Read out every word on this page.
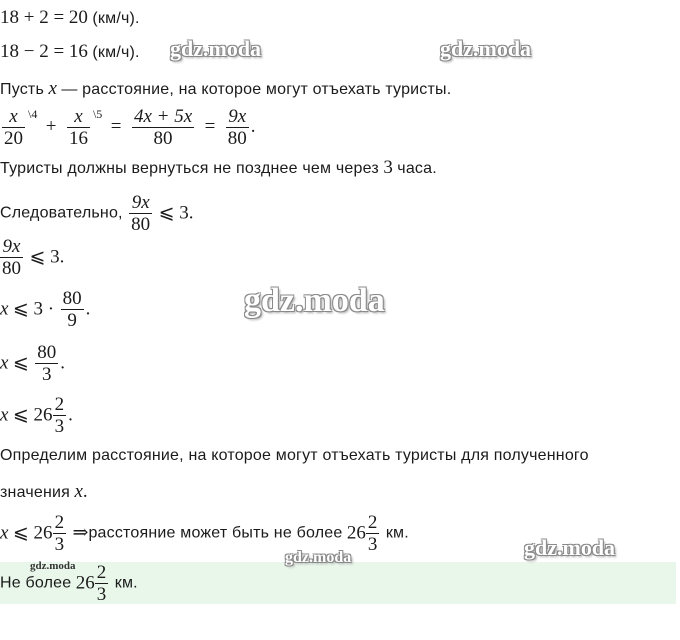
18 + 2 = 20 (км/ч).
18 − 2 = 16 (км/ч).
Пусть x — расстояние, на которое могут отъехать туристы.
$\frac{x}{20} ^{\backslash 4} + \frac{x}{16} ^{\backslash 5} = \frac{4x + 5x}{80} = \frac{9x}{80}$ .
Туристы должны вернуться не позднее чем через 3 часа.
Следовательно, $\frac{9x}{80}$ ⩽ 3.
$\frac{9x}{80}$ ⩽ 3.
x ⩽ $3 \cdot \frac{80}{9}$ .
x ⩽ $\frac{80}{3}$ .
x ⩽ $26 \frac{2}{3}$ .
Определим расстояние, на которое могут отъехать туристы для полученного
значения x.
x ⩽ $26 \frac{2}{3}$ ⇒расстояние может быть не более $26 \frac{2}{3}$ км.
Не более $26 \frac{2}{3}$ км.
gdz.moda	gdz.moda
gdz.moda
gdz.moda
gdz.moda
gdz.moda
